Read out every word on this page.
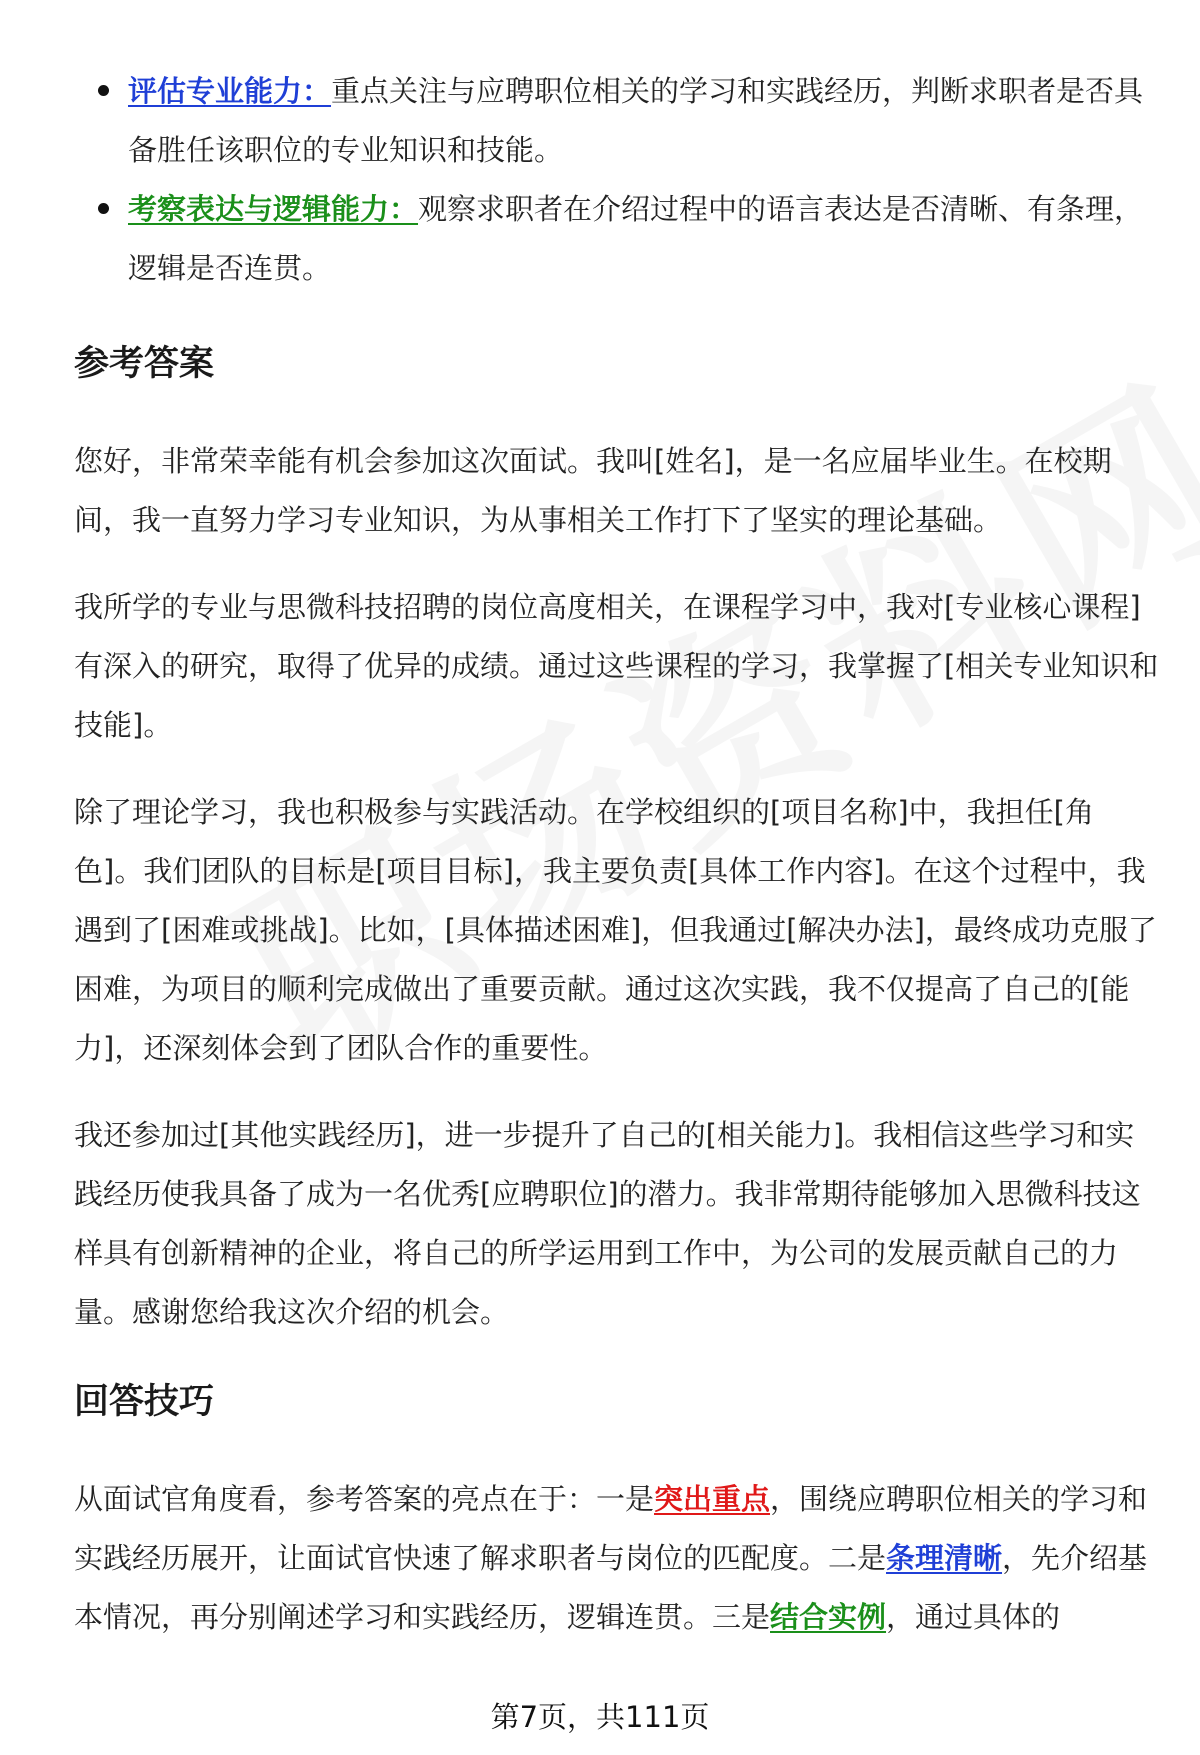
评估专业能力：重点关注与应聘职位相关的学习和实践经历，判断求职者是否具备胜任该职位的专业知识和技能。
考察表达与逻辑能力：观察求职者在介绍过程中的语言表达是否清晰、有条理，逻辑是否连贯。
参考答案

您好，非常荣幸能有机会参加这次面试。我叫[姓名]，是一名应届毕业生。在校期间，我一直努力学习专业知识，为从事相关工作打下了坚实的理论基础。

我所学的专业与思微科技招聘的岗位高度相关，在课程学习中，我对[专业核心课程]有深入的研究，取得了优异的成绩。通过这些课程的学习，我掌握了[相关专业知识和技能]。

除了理论学习，我也积极参与实践活动。在学校组织的[项目名称]中，我担任[角色]。我们团队的目标是[项目目标]，我主要负责[具体工作内容]。在这个过程中，我遇到了[困难或挑战]。比如，[具体描述困难]，但我通过[解决办法]，最终成功克服了困难，为项目的顺利完成做出了重要贡献。通过这次实践，我不仅提高了自己的[能力]，还深刻体会到了团队合作的重要性。

我还参加过[其他实践经历]，进一步提升了自己的[相关能力]。我相信这些学习和实践经历使我具备了成为一名优秀[应聘职位]的潜力。我非常期待能够加入思微科技这样具有创新精神的企业，将自己的所学运用到工作中，为公司的发展贡献自己的力量。感谢您给我这次介绍的机会。

回答技巧

从面试官角度看，参考答案的亮点在于：一是突出重点，围绕应聘职位相关的学习和实践经历展开，让面试官快速了解求职者与岗位的匹配度。二是条理清晰，先介绍基本情况，再分别阐述学习和实践经历，逻辑连贯。三是结合实例，通过具体的

第7页，共111页
